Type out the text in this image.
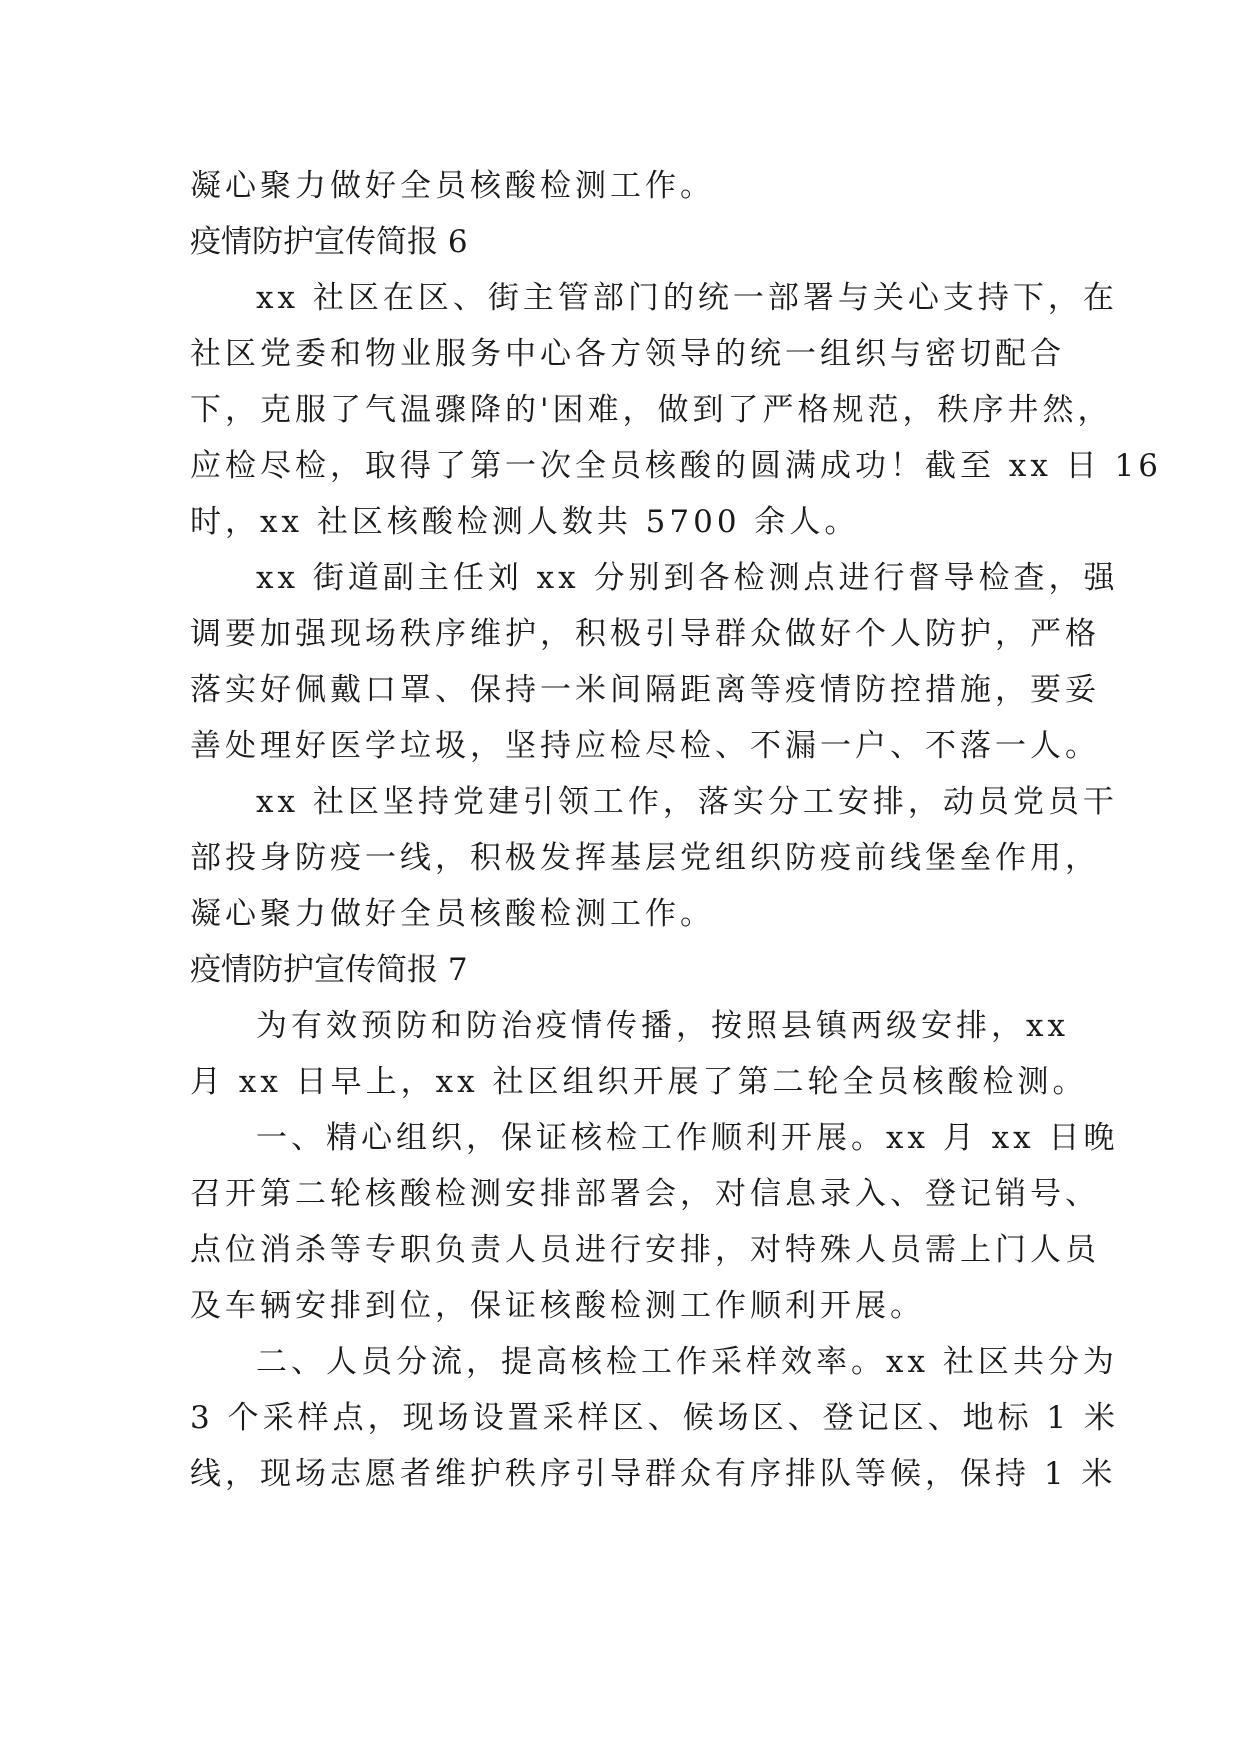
凝心聚力做好全员核酸检测工作。
疫情防护宣传简报 6
xx 社区在区、街主管部门的统一部署与关心支持下，在
社区党委和物业服务中心各方领导的统一组织与密切配合
下，克服了气温骤降的'困难，做到了严格规范，秩序井然，
应检尽检，取得了第一次全员核酸的圆满成功！截至 xx 日 16
时，xx 社区核酸检测人数共 5700 余人。
xx 街道副主任刘 xx 分别到各检测点进行督导检查，强
调要加强现场秩序维护，积极引导群众做好个人防护，严格
落实好佩戴口罩、保持一米间隔距离等疫情防控措施，要妥
善处理好医学垃圾，坚持应检尽检、不漏一户、不落一人。
xx 社区坚持党建引领工作，落实分工安排，动员党员干
部投身防疫一线，积极发挥基层党组织防疫前线堡垒作用，
凝心聚力做好全员核酸检测工作。
疫情防护宣传简报 7
为有效预防和防治疫情传播，按照县镇两级安排，xx
月 xx 日早上，xx 社区组织开展了第二轮全员核酸检测。
一、精心组织，保证核检工作顺利开展。xx 月 xx 日晚
召开第二轮核酸检测安排部署会，对信息录入、登记销号、
点位消杀等专职负责人员进行安排，对特殊人员需上门人员
及车辆安排到位，保证核酸检测工作顺利开展。
二、人员分流，提高核检工作采样效率。xx 社区共分为
3 个采样点，现场设置采样区、候场区、登记区、地标 1 米
线，现场志愿者维护秩序引导群众有序排队等候，保持 1 米
